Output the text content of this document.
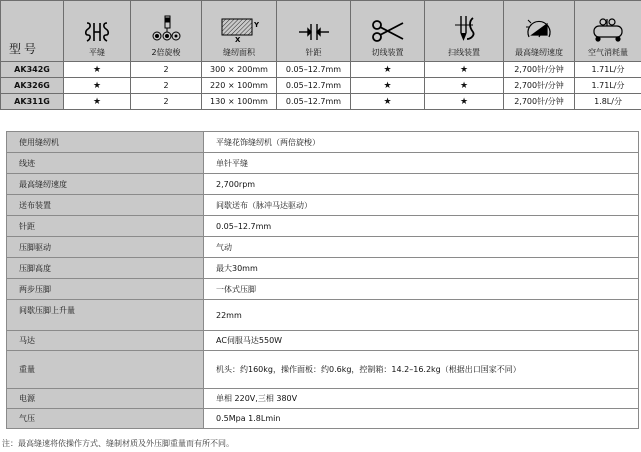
型号	平缝	2倍旋梭	Y
X
缝纫面积	针距	切线装置	扫线装置	最高缝纫速度	空气消耗量

AK342G	★	2	300 × 200mm	0.05–12.7mm	★	★	2,700针/分钟	1.71L/分
AK326G	★	2	220 × 100mm	0.05–12.7mm	★	★	2,700针/分钟	1.71L/分
AK311G	★	2	130 × 100mm	0.05–12.7mm	★	★	2,700针/分钟	1.8L/分
使用缝纫机	平缝花饰缝纫机（两倍旋梭）
线迹	单针平缝
最高缝纫速度	2,700rpm
送布装置	间歇送布（脉冲马达驱动）
针距	0.05–12.7mm
压脚驱动	气动
压脚高度	最大30mm
两步压脚	一体式压脚
间歇压脚上升量	22mm
马达	AC伺服马达550W
重量	机头：约160kg，操作面板：约0.6kg，控制箱：14.2–16.2kg（根据出口国家不同）
电源	单相 220V,三相 380V
气压	0.5Mpa 1.8Lmin
注：最高缝速将依操作方式、缝制材质及外压脚重量而有所不同。
